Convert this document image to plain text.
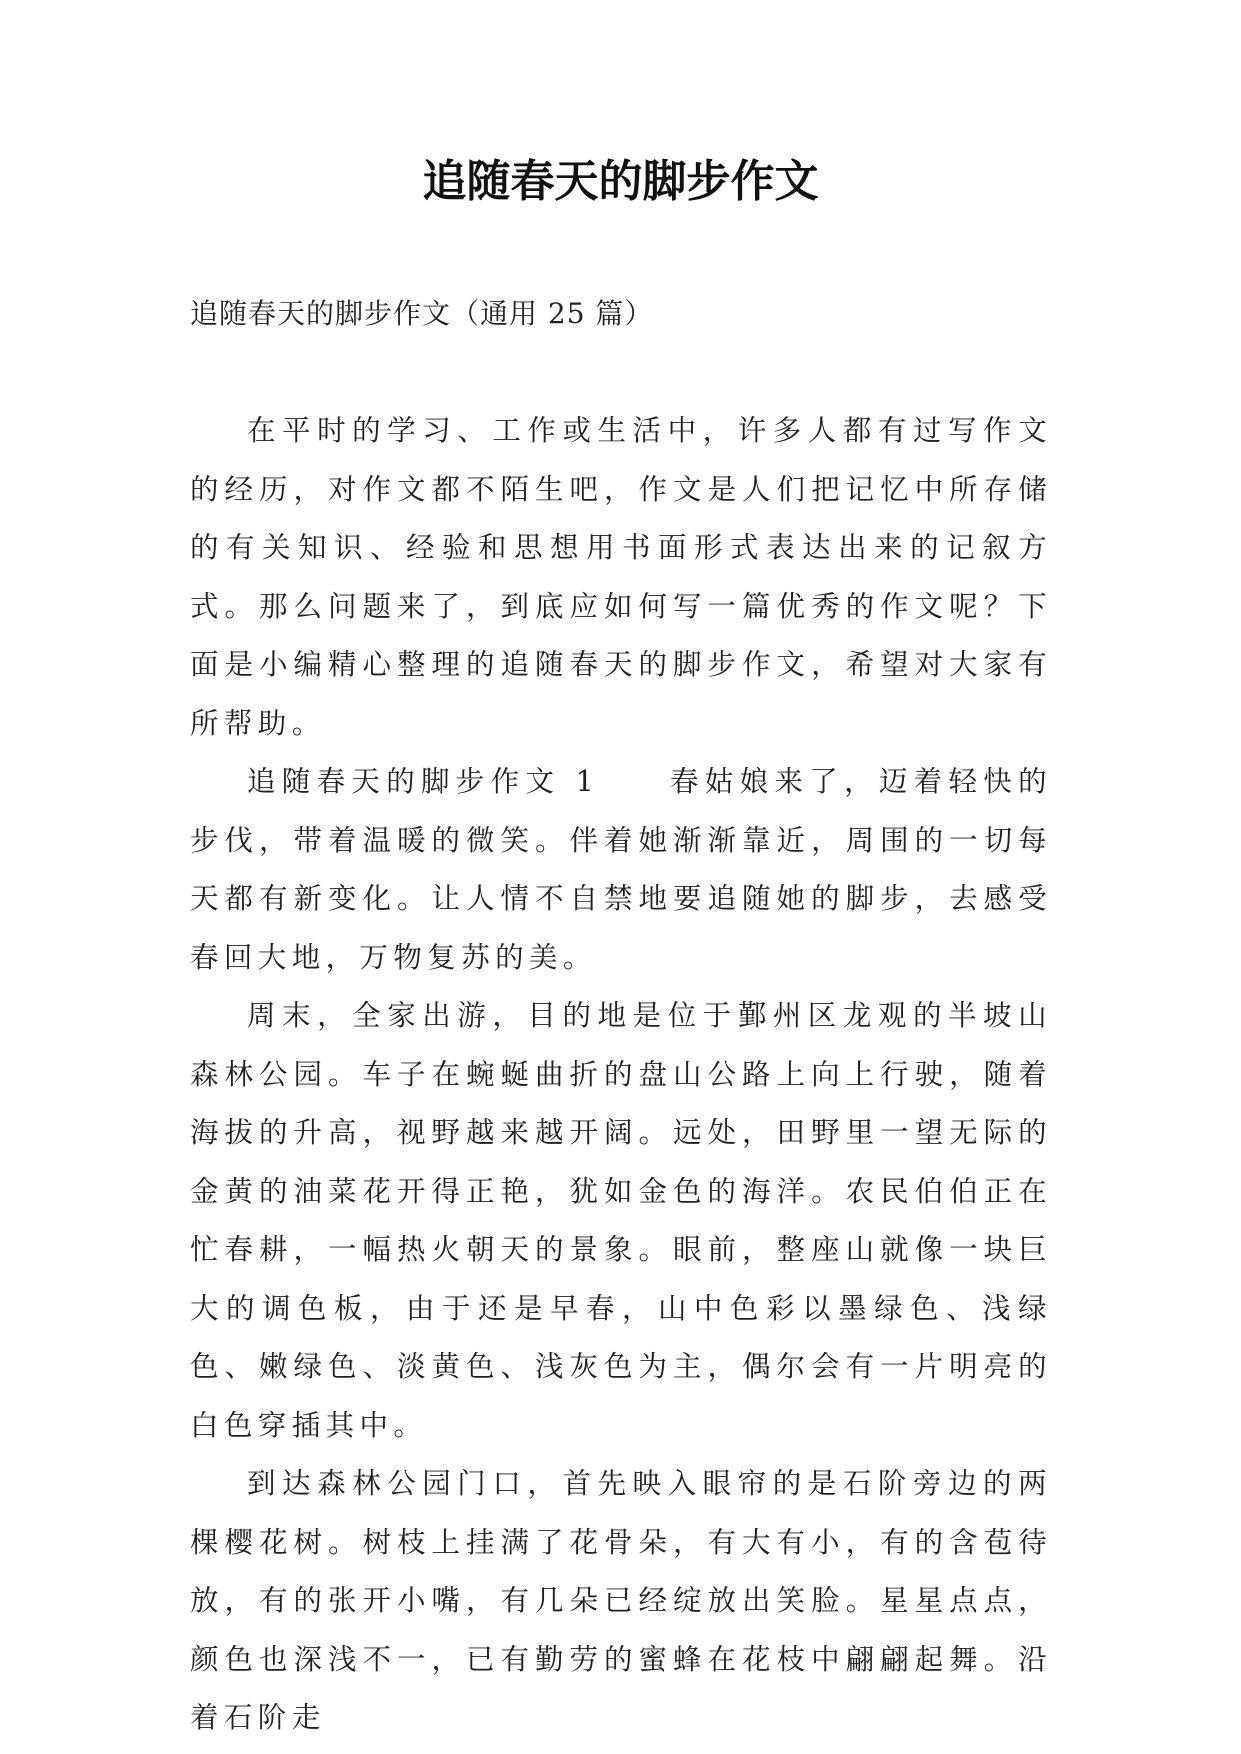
追随春天的脚步作文

追随春天的脚步作文（通用 25 篇）

在平时的学习、工作或生活中，许多人都有过写作文的经历，对作文都不陌生吧，作文是人们把记忆中所存储的有关知识、经验和思想用书面形式表达出来的记叙方式。那么问题来了，到底应如何写一篇优秀的作文呢？下面是小编精心整理的追随春天的脚步作文，希望对大家有所帮助。

追随春天的脚步作文 1 春姑娘来了，迈着轻快的步伐，带着温暖的微笑。伴着她渐渐靠近，周围的一切每天都有新变化。让人情不自禁地要追随她的脚步，去感受春回大地，万物复苏的美。

周末，全家出游，目的地是位于鄞州区龙观的半坡山森林公园。车子在蜿蜒曲折的盘山公路上向上行驶，随着海拔的升高，视野越来越开阔。远处，田野里一望无际的金黄的油菜花开得正艳，犹如金色的海洋。农民伯伯正在忙春耕，一幅热火朝天的景象。眼前，整座山就像一块巨大的调色板，由于还是早春，山中色彩以墨绿色、浅绿色、嫩绿色、淡黄色、浅灰色为主，偶尔会有一片明亮的白色穿插其中。

到达森林公园门口，首先映入眼帘的是石阶旁边的两棵樱花树。树枝上挂满了花骨朵，有大有小，有的含苞待放，有的张开小嘴，有几朵已经绽放出笑脸。星星点点，颜色也深浅不一，已有勤劳的蜜蜂在花枝中翩翩起舞。沿着石阶走
